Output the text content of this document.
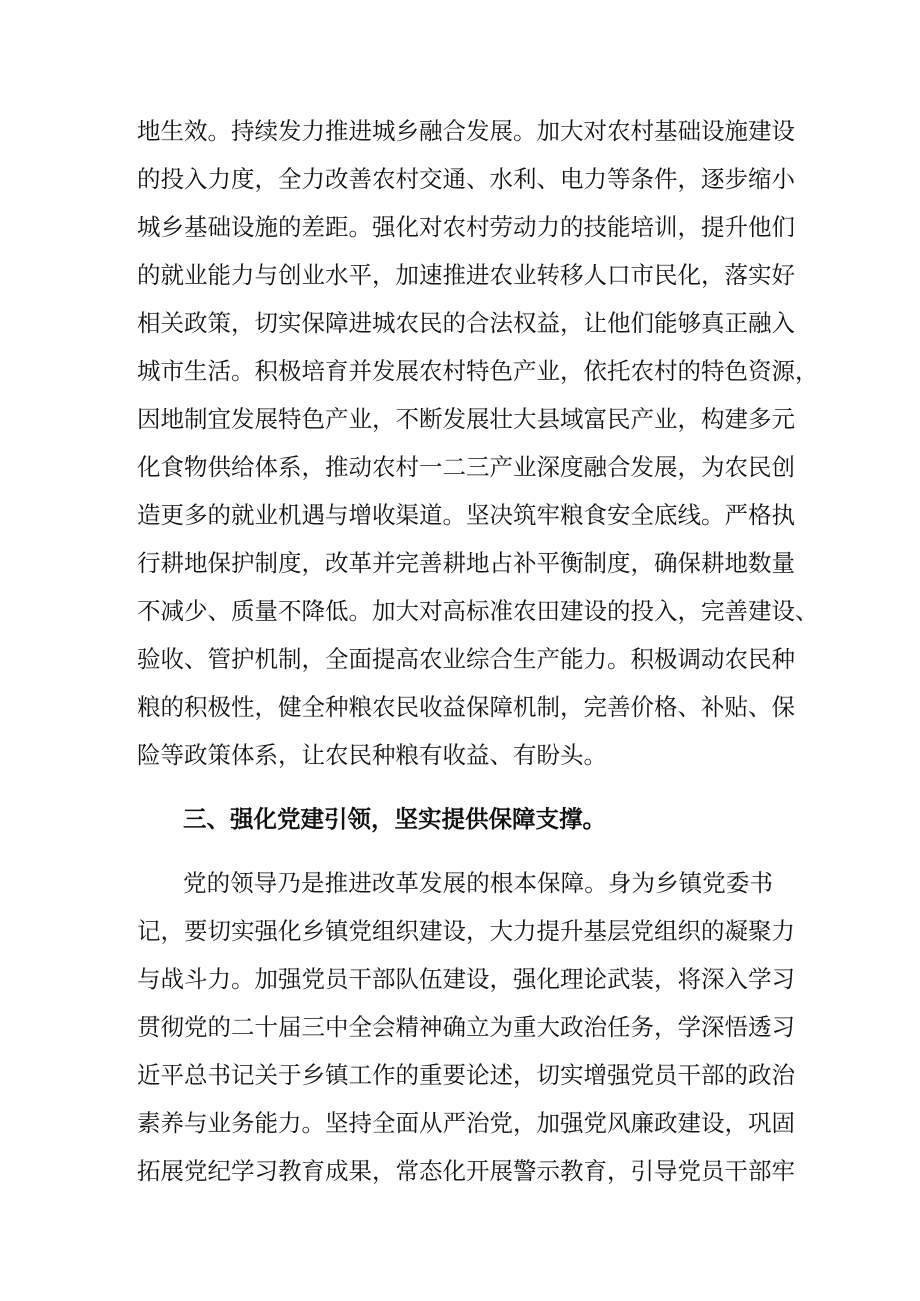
地生效。持续发力推进城乡融合发展。加大对农村基础设施建设
的投入力度，全力改善农村交通、水利、电力等条件，逐步缩小
城乡基础设施的差距。强化对农村劳动力的技能培训，提升他们
的就业能力与创业水平，加速推进农业转移人口市民化，落实好
相关政策，切实保障进城农民的合法权益，让他们能够真正融入
城市生活。积极培育并发展农村特色产业，依托农村的特色资源，
因地制宜发展特色产业，不断发展壮大县域富民产业，构建多元
化食物供给体系，推动农村一二三产业深度融合发展，为农民创
造更多的就业机遇与增收渠道。坚决筑牢粮食安全底线。严格执
行耕地保护制度，改革并完善耕地占补平衡制度，确保耕地数量
不减少、质量不降低。加大对高标准农田建设的投入，完善建设、
验收、管护机制，全面提高农业综合生产能力。积极调动农民种
粮的积极性，健全种粮农民收益保障机制，完善价格、补贴、保
险等政策体系，让农民种粮有收益、有盼头。
三、强化党建引领，坚实提供保障支撑。
党的领导乃是推进改革发展的根本保障。身为乡镇党委书
记，要切实强化乡镇党组织建设，大力提升基层党组织的凝聚力
与战斗力。加强党员干部队伍建设，强化理论武装，将深入学习
贯彻党的二十届三中全会精神确立为重大政治任务，学深悟透习
近平总书记关于乡镇工作的重要论述，切实增强党员干部的政治
素养与业务能力。坚持全面从严治党，加强党风廉政建设，巩固
拓展党纪学习教育成果，常态化开展警示教育，引导党员干部牢
